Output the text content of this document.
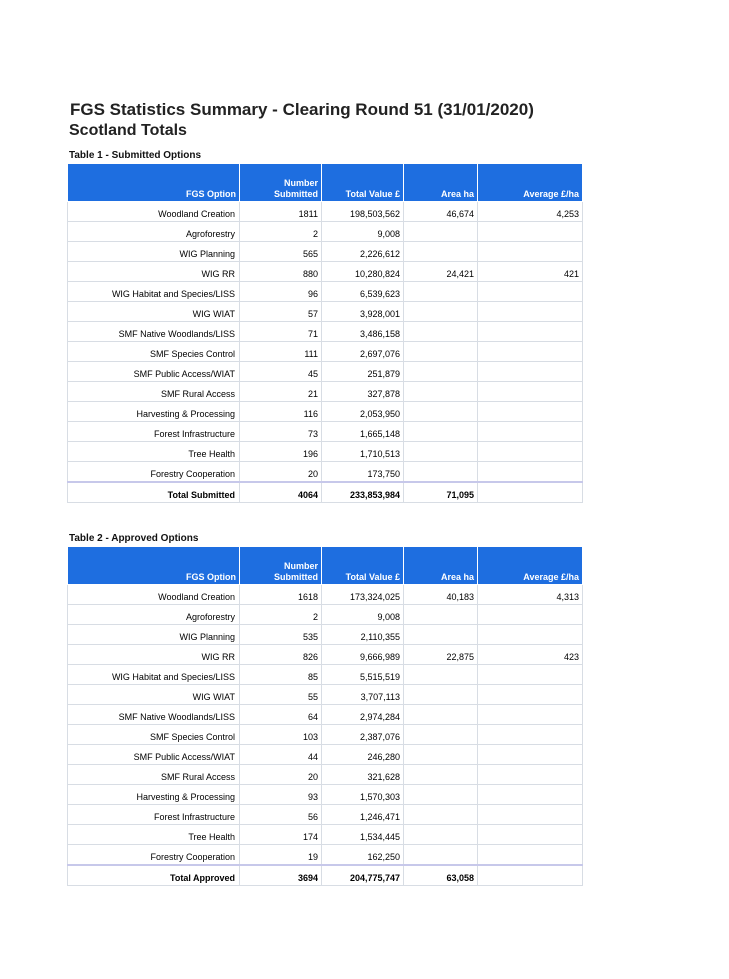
FGS Statistics Summary - Clearing Round 51 (31/01/2020)
Scotland Totals
Table 1 - Submitted Options
FGS Option	Number Submitted	Total Value £	Area ha	Average £/ha
Woodland Creation	1811	198,503,562	46,674	4,253
Agroforestry	2	9,008		
WIG Planning	565	2,226,612		
WIG RR	880	10,280,824	24,421	421
WIG Habitat and Species/LISS	96	6,539,623		
WIG WIAT	57	3,928,001		
SMF Native Woodlands/LISS	71	3,486,158		
SMF Species Control	111	2,697,076		
SMF Public Access/WIAT	45	251,879		
SMF Rural Access	21	327,878		
Harvesting & Processing	116	2,053,950		
Forest Infrastructure	73	1,665,148		
Tree Health	196	1,710,513		
Forestry Cooperation	20	173,750		
Total Submitted	4064	233,853,984	71,095	
Table 2 - Approved Options
FGS Option	Number Submitted	Total Value £	Area ha	Average £/ha
Woodland Creation	1618	173,324,025	40,183	4,313
Agroforestry	2	9,008		
WIG Planning	535	2,110,355		
WIG RR	826	9,666,989	22,875	423
WIG Habitat and Species/LISS	85	5,515,519		
WIG WIAT	55	3,707,113		
SMF Native Woodlands/LISS	64	2,974,284		
SMF Species Control	103	2,387,076		
SMF Public Access/WIAT	44	246,280		
SMF Rural Access	20	321,628		
Harvesting & Processing	93	1,570,303		
Forest Infrastructure	56	1,246,471		
Tree Health	174	1,534,445		
Forestry Cooperation	19	162,250		
Total Approved	3694	204,775,747	63,058	
